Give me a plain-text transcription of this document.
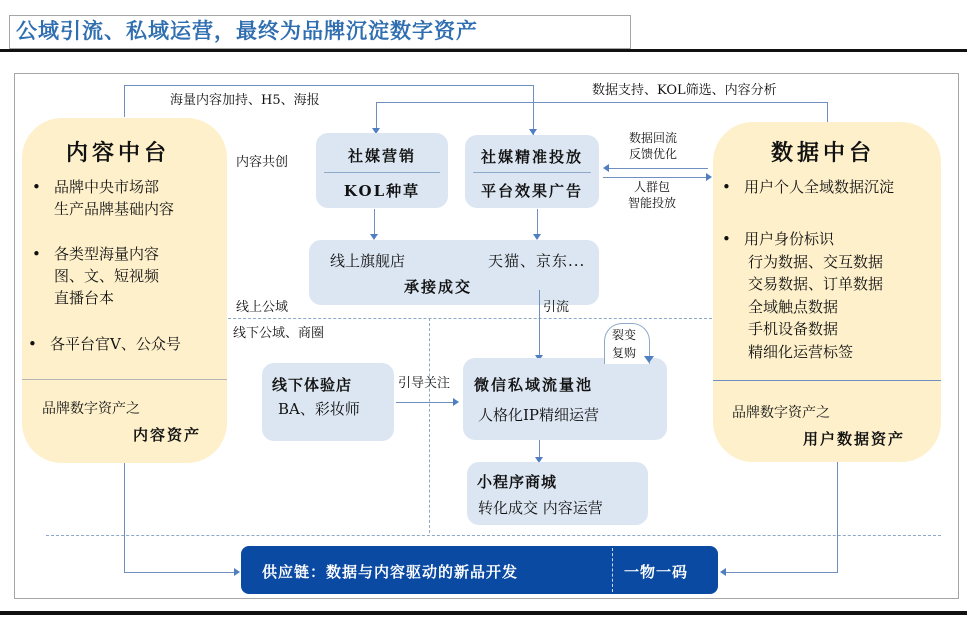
公域引流、私域运营，最终为品牌沉淀数字资产
海量内容加持、H5、海报
数据支持、KOL筛选、内容分析
内容中台
• 品牌中央市场部
生产品牌基础内容
• 各类型海量内容
图、文、短视频
直播台本
• 各平台官V、公众号
品牌数字资产之
内容资产
数据中台
• 用户个人全域数据沉淀
• 用户身份标识
行为数据、交互数据
交易数据、订单数据
全域触点数据
手机设备数据
精细化运营标签
品牌数字资产之
用户数据资产
社媒营销
KOL种草
内容共创	社媒精准投放
平台效果广告
数据回流
反馈优化
人群包
智能投放
线上旗舰店	天猫、京东...
承接成交
线上公域
线下公域、商圈
引流
线下体验店
BA、彩妆师
引导关注 微信私域流量池
人格化IP精细运营
裂变
复购
小程序商城
转化成交 内容运营
供应链：数据与内容驱动的新品开发	一物一码
